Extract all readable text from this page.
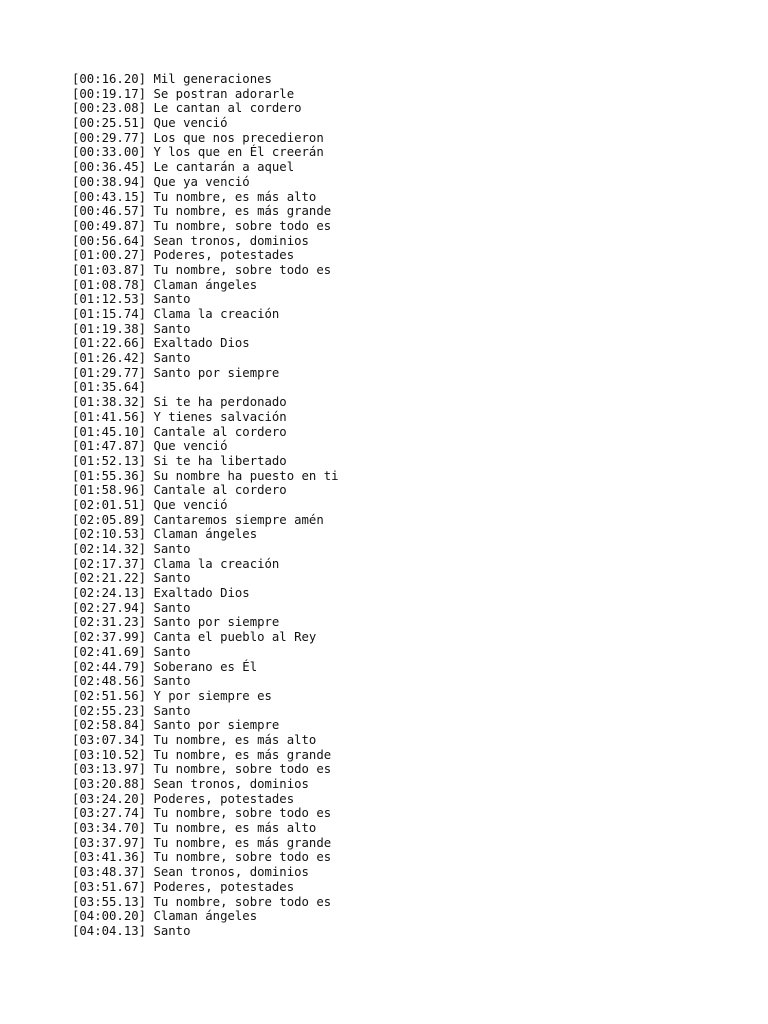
[00:16.20] Mil generaciones
[00:19.17] Se postran adorarle
[00:23.08] Le cantan al cordero
[00:25.51] Que venció
[00:29.77] Los que nos precedieron
[00:33.00] Y los que en Él creerán
[00:36.45] Le cantarán a aquel
[00:38.94] Que ya venció
[00:43.15] Tu nombre, es más alto
[00:46.57] Tu nombre, es más grande
[00:49.87] Tu nombre, sobre todo es
[00:56.64] Sean tronos, dominios
[01:00.27] Poderes, potestades
[01:03.87] Tu nombre, sobre todo es
[01:08.78] Claman ángeles
[01:12.53] Santo
[01:15.74] Clama la creación
[01:19.38] Santo
[01:22.66] Exaltado Dios
[01:26.42] Santo
[01:29.77] Santo por siempre
[01:35.64]
[01:38.32] Si te ha perdonado
[01:41.56] Y tienes salvación
[01:45.10] Cantale al cordero
[01:47.87] Que venció
[01:52.13] Si te ha libertado
[01:55.36] Su nombre ha puesto en ti
[01:58.96] Cantale al cordero
[02:01.51] Que venció
[02:05.89] Cantaremos siempre amén
[02:10.53] Claman ángeles
[02:14.32] Santo
[02:17.37] Clama la creación
[02:21.22] Santo
[02:24.13] Exaltado Dios
[02:27.94] Santo
[02:31.23] Santo por siempre
[02:37.99] Canta el pueblo al Rey
[02:41.69] Santo
[02:44.79] Soberano es Él
[02:48.56] Santo
[02:51.56] Y por siempre es
[02:55.23] Santo
[02:58.84] Santo por siempre
[03:07.34] Tu nombre, es más alto
[03:10.52] Tu nombre, es más grande
[03:13.97] Tu nombre, sobre todo es
[03:20.88] Sean tronos, dominios
[03:24.20] Poderes, potestades
[03:27.74] Tu nombre, sobre todo es
[03:34.70] Tu nombre, es más alto
[03:37.97] Tu nombre, es más grande
[03:41.36] Tu nombre, sobre todo es
[03:48.37] Sean tronos, dominios
[03:51.67] Poderes, potestades
[03:55.13] Tu nombre, sobre todo es
[04:00.20] Claman ángeles
[04:04.13] Santo
